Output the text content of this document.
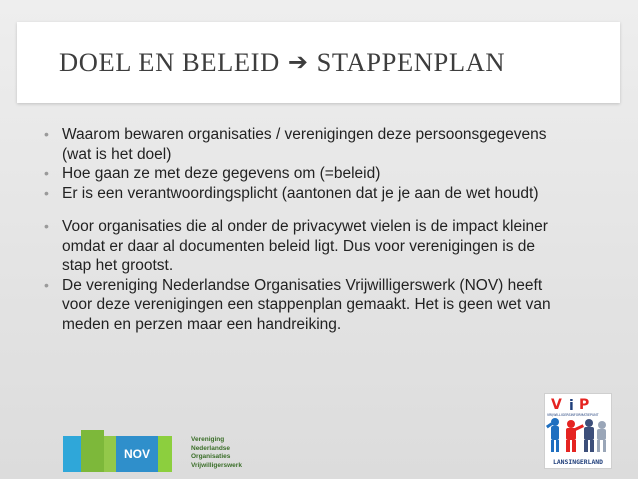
DOEL EN BELEID ➔ STAPPENPLAN
• Waarom bewaren organisaties / verenigingen deze persoonsgegevens
(wat is het doel)
• Hoe gaan ze met deze gegevens om (=beleid)
• Er is een verantwoordingsplicht (aantonen dat je je aan de wet houdt)
• Voor organisaties die al onder de privacywet vielen is de impact kleiner
omdat er daar al documenten beleid ligt. Dus voor verenigingen is de
stap het grootst.
• De vereniging Nederlandse Organisaties Vrijwilligerswerk (NOV) heeft
voor deze verenigingen een stappenplan gemaakt. Het is geen wet van
meden en perzen maar een handreiking.
NOV
Vereniging
Nederlandse
Organisaties
Vrijwilligerswerk
V i P
VRIJWILLIGERSINFORMATIEPUNT
LANSINGERLAND
